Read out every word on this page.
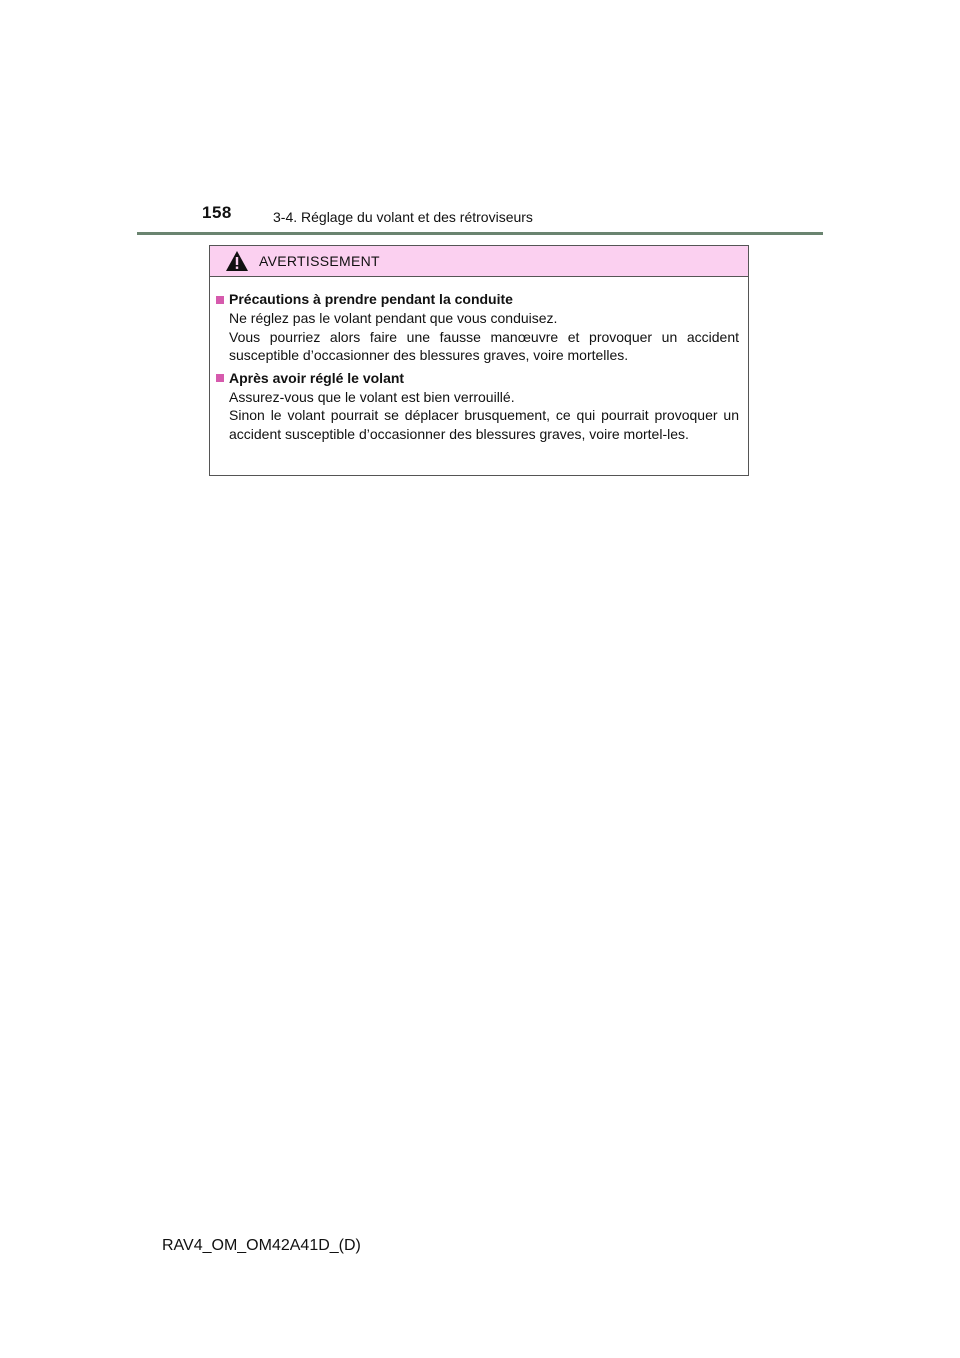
158	3-4. Réglage du volant et des rétroviseurs
AVERTISSEMENT
Précautions à prendre pendant la conduite

Ne réglez pas le volant pendant que vous conduisez.

Vous pourriez alors faire une fausse manœuvre et provoquer un accident susceptible d’occasionner des blessures graves, voire mortelles.

Après avoir réglé le volant

Assurez-vous que le volant est bien verrouillé.

Sinon le volant pourrait se déplacer brusquement, ce qui pourrait provoquer un accident susceptible d’occasionner des blessures graves, voire mortel-les.

RAV4_OM_OM42A41D_(D)
